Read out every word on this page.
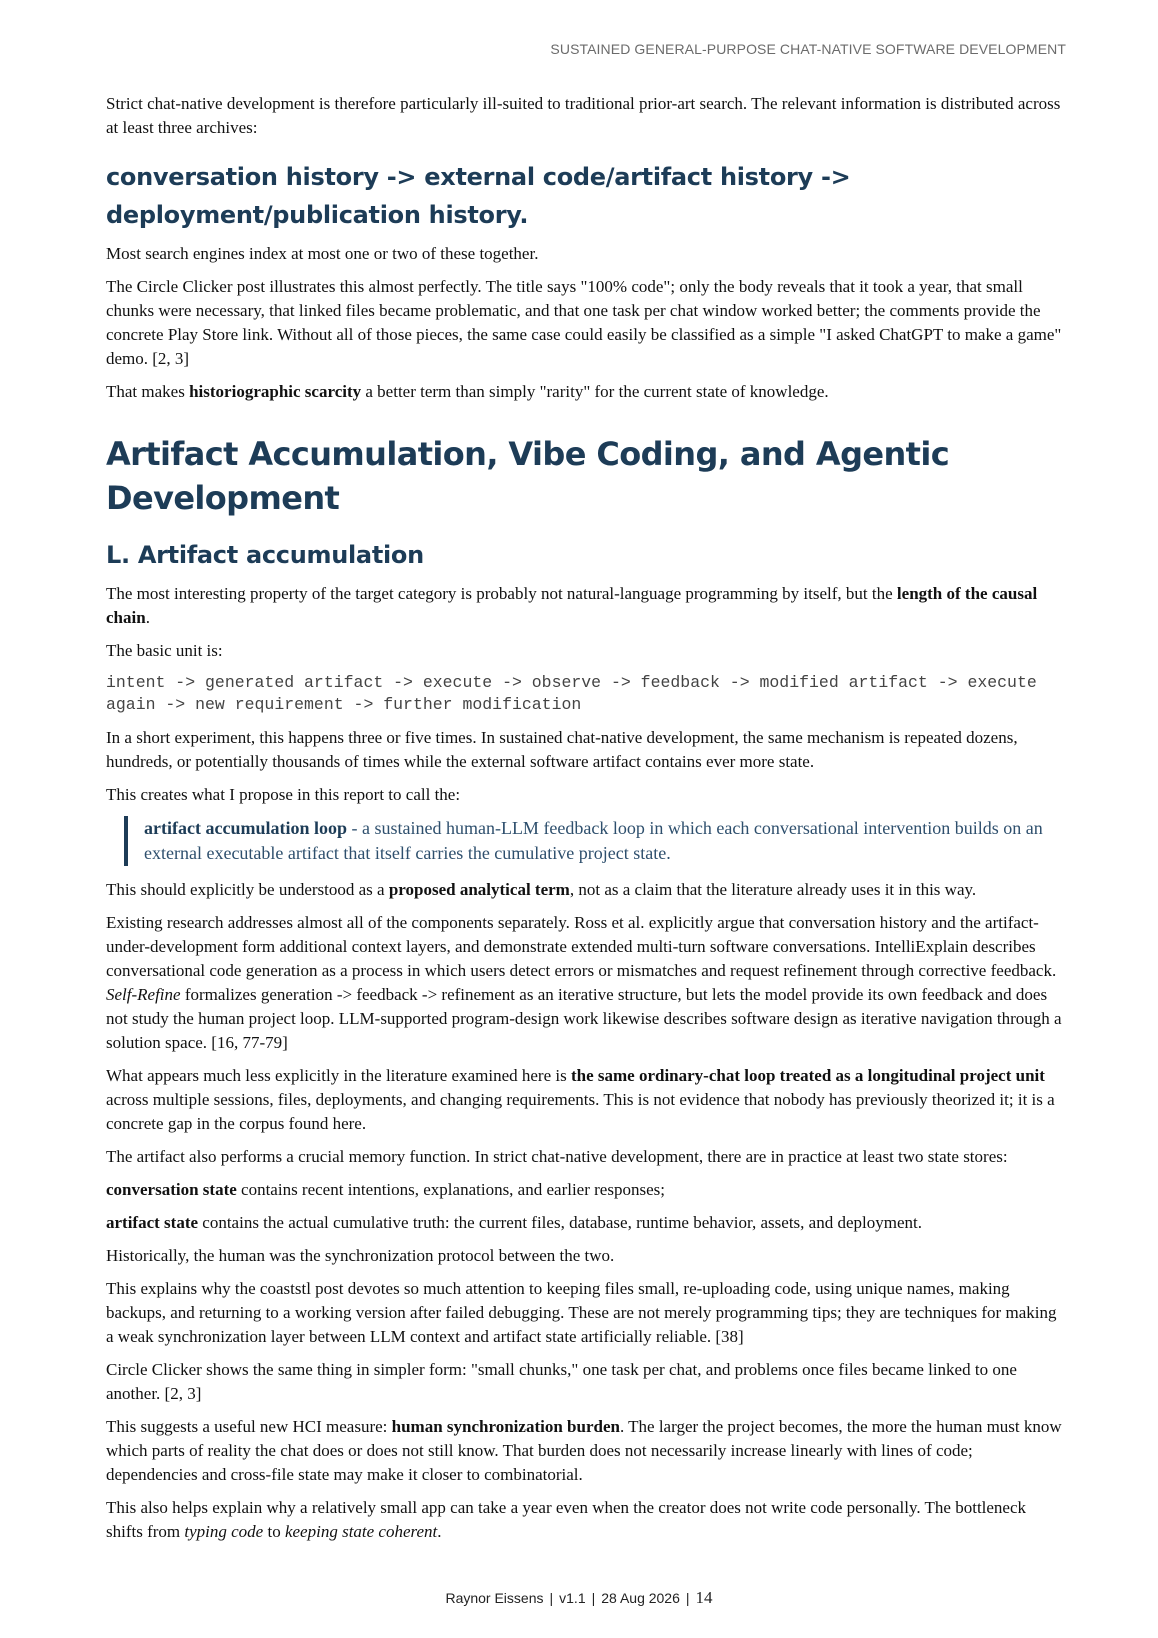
SUSTAINED GENERAL-PURPOSE CHAT-NATIVE SOFTWARE DEVELOPMENT

Strict chat-native development is therefore particularly ill-suited to traditional prior-art search. The relevant information is distributed across at least three archives:

conversation history -> external code/artifact history -> deployment/publication history.

Most search engines index at most one or two of these together.

The Circle Clicker post illustrates this almost perfectly. The title says "100% code"; only the body reveals that it took a year, that small chunks were necessary, that linked files became problematic, and that one task per chat window worked better; the comments provide the concrete Play Store link. Without all of those pieces, the same case could easily be classified as a simple "I asked ChatGPT to make a game" demo. [2, 3]

That makes historiographic scarcity a better term than simply "rarity" for the current state of knowledge.

Artifact Accumulation, Vibe Coding, and Agentic Development
L. Artifact accumulation

The most interesting property of the target category is probably not natural-language programming by itself, but the length of the causal chain.

The basic unit is:

intent -> generated artifact -> execute -> observe -> feedback -> modified artifact -> execute again -> new requirement -> further modification

In a short experiment, this happens three or five times. In sustained chat-native development, the same mechanism is repeated dozens, hundreds, or potentially thousands of times while the external software artifact contains ever more state.

This creates what I propose in this report to call the:

artifact accumulation loop - a sustained human-LLM feedback loop in which each conversational intervention builds on an external executable artifact that itself carries the cumulative project state.

This should explicitly be understood as a proposed analytical term, not as a claim that the literature already uses it in this way.

Existing research addresses almost all of the components separately. Ross et al. explicitly argue that conversation history and the artifact-under-development form additional context layers, and demonstrate extended multi-turn software conversations. IntelliExplain describes conversational code generation as a process in which users detect errors or mismatches and request refinement through corrective feedback. Self-Refine formalizes generation -> feedback -> refinement as an iterative structure, but lets the model provide its own feedback and does not study the human project loop. LLM-supported program-design work likewise describes software design as iterative navigation through a solution space. [16, 77-79]

What appears much less explicitly in the literature examined here is the same ordinary-chat loop treated as a longitudinal project unit across multiple sessions, files, deployments, and changing requirements. This is not evidence that nobody has previously theorized it; it is a concrete gap in the corpus found here.

The artifact also performs a crucial memory function. In strict chat-native development, there are in practice at least two state stores:

conversation state contains recent intentions, explanations, and earlier responses;

artifact state contains the actual cumulative truth: the current files, database, runtime behavior, assets, and deployment.

Historically, the human was the synchronization protocol between the two.

This explains why the coaststl post devotes so much attention to keeping files small, re-uploading code, using unique names, making backups, and returning to a working version after failed debugging. These are not merely programming tips; they are techniques for making a weak synchronization layer between LLM context and artifact state artificially reliable. [38]

Circle Clicker shows the same thing in simpler form: "small chunks," one task per chat, and problems once files became linked to one another. [2, 3]

This suggests a useful new HCI measure: human synchronization burden. The larger the project becomes, the more the human must know which parts of reality the chat does or does not still know. That burden does not necessarily increase linearly with lines of code; dependencies and cross-file state may make it closer to combinatorial.

This also helps explain why a relatively small app can take a year even when the creator does not write code personally. The bottleneck shifts from typing code to keeping state coherent.

Raynor Eissens | v1.1 | 28 Aug 2026 | 14
